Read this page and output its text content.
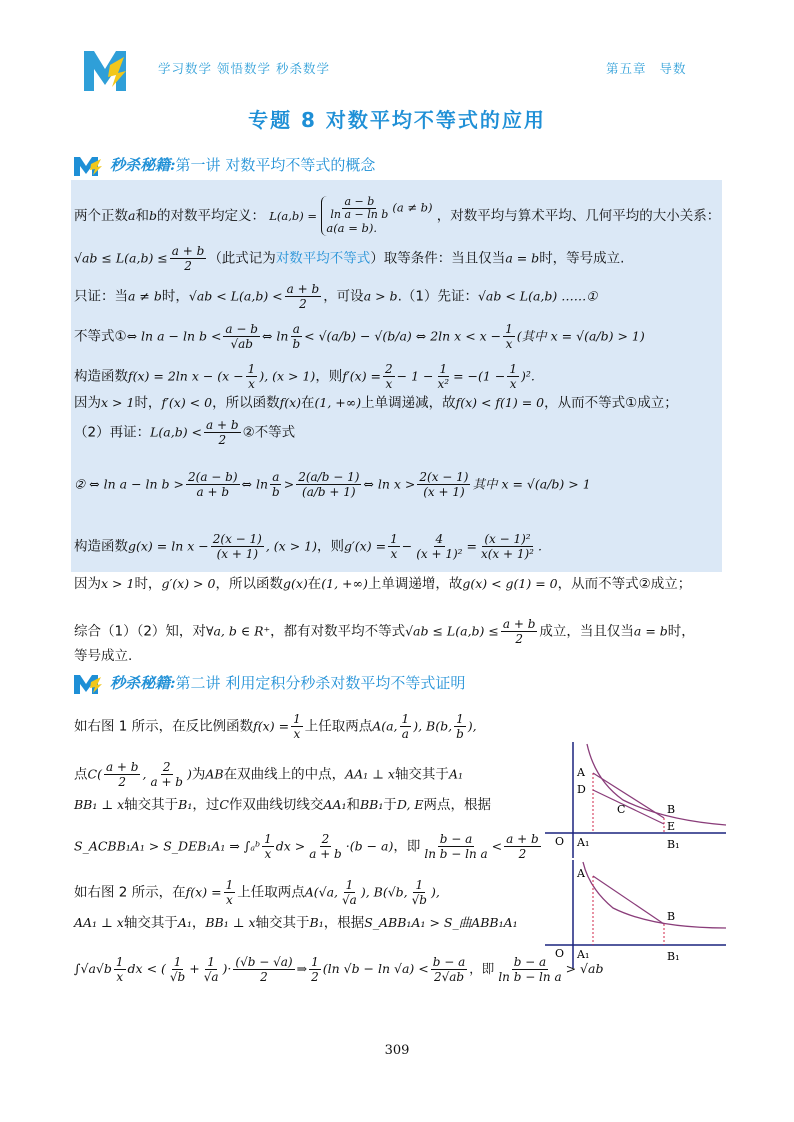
学习数学 领悟数学 秒杀数学	第五章 导数
专题 8 对数平均不等式的应用
秒杀秘籍:第一讲 对数平均不等式的概念
两个正数a和b的对数平均定义： $L(a,b) = \frac{a - b}{\text{ln a − ln b}} (a \ne b)$
a(a = b). ，对数平均与算术平均、几何平均的大小关系：
$√ab \le L(a,b) \le \frac{a + b}{2}$ （此式记为对数平均不等式）取等条件：当且仅当a = b时，等号成立.
只证：当a ≠ b时，$√ab < L(a,b) < \frac{a + b}{2}$ ，可设a > b.（1）先证：√ab < L(a,b) ……①
不等式①⇔ $\ln a - \ln b < \frac{a - b}{√ab}$ ⇔ $\ln \frac{a}{b} < √(a/b) - √(b/a)$ ⇔ 2ln $x < x - \frac{1}{x}$ (其中 x = √(a/b) > 1)
构造函数f(x) = 2ln $x - (x - \frac{1}{x}$ ), (x > 1)，则$f'(x) = \frac{2}{x} - 1 - \frac{1}{\text{x²}} = -(1 - \frac{1}{x} )^2$.
因为x > 1时，f′(x) < 0，所以函数f(x)在(1, +∞)上单调递减，故f(x) < f(1) = 0，从而不等式①成立；
（2）再证：$L(a,b) < \frac{a + b}{2}$ ②不等式
② ⇔ $\ln a - \ln b > \frac{2(a - b)}{a + b}$ ⇔ $\ln \frac{a}{b} > \frac{2(a/b - 1)}{(a/b + 1)}$ ⇔ $\ln x > \frac{2(x - 1)}{(x + 1)}$ 其中 x = √(a/b) > 1
构造函数$g(x) = \ln x - \frac{2(x - 1)}{(x + 1)}$ , (x > 1)，则$g'(x) = \frac{1}{x} - \frac{4}{\text{(x + 1)²}} = \frac{\text{(x − 1)²}}{\text{x(x + 1)²}}$ .
因为x > 1时，g′(x) > 0，所以函数g(x)在(1, +∞)上单调递增，故g(x) < g(1) = 0，从而不等式②成立；
综合（1）（2）知，对∀a, b ∈ R⁺，都有对数平均不等式$√ab \le L(a,b) \le \frac{a + b}{2}$ 成立，当且仅当a = b时，
等号成立.
秒杀秘籍:第二讲 利用定积分秒杀对数平均不等式证明
如右图 1 所示，在反比例函数$f(x) = \frac{1}{x}$ 上任取两点A(a, $\frac{1}{a}$ ), B(b, $\frac{1}{b}$ ),
点$C( \frac{a + b}{2}$ , $\frac{2}{a + b}$ )为AB在双曲线上的中点，AA₁ ⊥ x轴交其于A₁
BB₁ ⊥ x轴交其于B₁，过C作双曲线切线交AA₁和BB₁于D, E两点，根据
S_ACBB₁A₁ > S_DEB₁A₁ ⇒ ∫ₐᵇ $\frac{1}{x}$ dx > $\frac{2}{a + b} \cdot(b - a)$，即 $\frac{b - a}{\text{ln b − ln a}} < \frac{a + b}{2}$
如右图 2 所示，在$f(x) = \frac{1}{x}$ 上任取两点A(√a, $\frac{1}{√a}$ ), B(√b, $\frac{1}{√b}$ ),
AA₁ ⊥ x轴交其于A₁，BB₁ ⊥ x轴交其于B₁，根据S_ABB₁A₁ > S_曲ABB₁A₁
$\int√a√b \frac{1}{x}$ dx < ( $\frac{1}{√b} + \frac{1}{√a}$ )· $\frac{(√b - √a)}{2}$ ⇒ $\frac{1}{2} (\ln$ $√b - \ln √a) < \frac{b - a}{2√ab}$ ，即 $\frac{b - a}{\text{ln b − ln a}} > √ab$
A
D
C	B
E
O A₁	B₁
A
B
O A₁	B₁
309
